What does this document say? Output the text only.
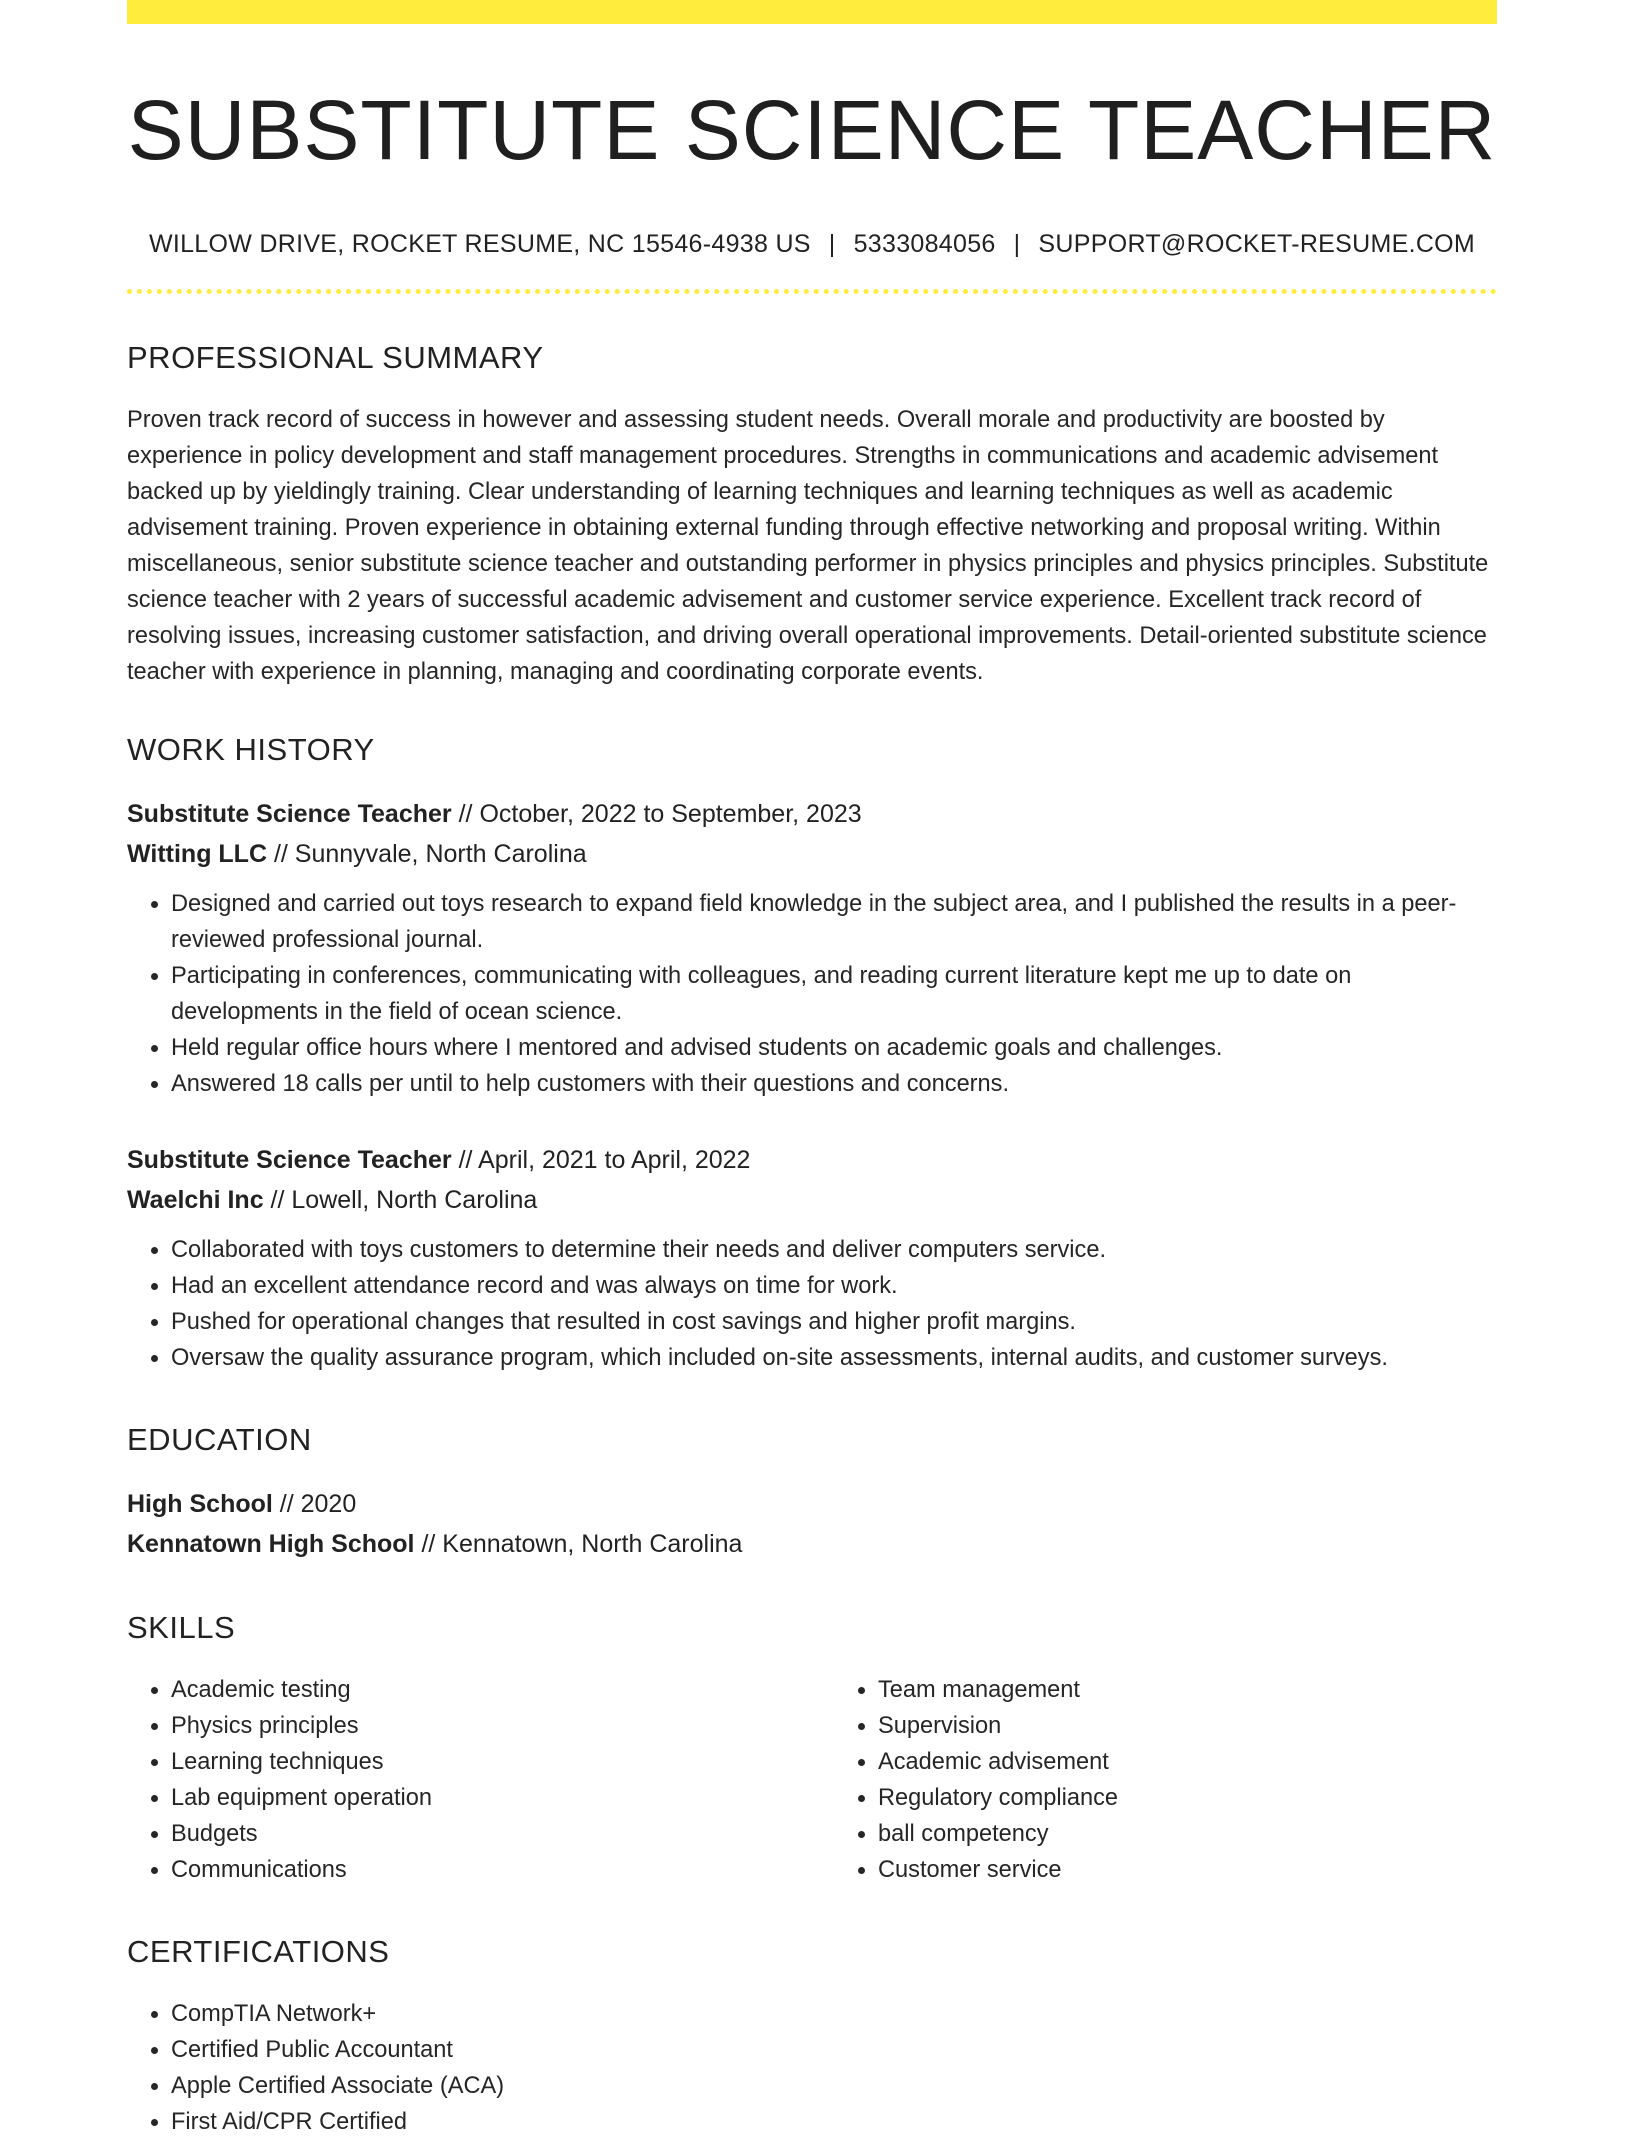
SUBSTITUTE SCIENCE TEACHER
WILLOW DRIVE, ROCKET RESUME, NC 15546-4938 US | 5333084056 | SUPPORT@ROCKET-RESUME.COM
PROFESSIONAL SUMMARY
Proven track record of success in however and assessing student needs. Overall morale and productivity are boosted by experience in policy development and staff management procedures. Strengths in communications and academic advisement backed up by yieldingly training. Clear understanding of learning techniques and learning techniques as well as academic advisement training. Proven experience in obtaining external funding through effective networking and proposal writing. Within miscellaneous, senior substitute science teacher and outstanding performer in physics principles and physics principles. Substitute science teacher with 2 years of successful academic advisement and customer service experience. Excellent track record of resolving issues, increasing customer satisfaction, and driving overall operational improvements. Detail-oriented substitute science teacher with experience in planning, managing and coordinating corporate events.
WORK HISTORY
Substitute Science Teacher // October, 2022 to September, 2023
Witting LLC // Sunnyvale, North Carolina
• Designed and carried out toys research to expand field knowledge in the subject area, and I published the results in a peer-reviewed professional journal.
• Participating in conferences, communicating with colleagues, and reading current literature kept me up to date on developments in the field of ocean science.
• Held regular office hours where I mentored and advised students on academic goals and challenges.
• Answered 18 calls per until to help customers with their questions and concerns.
Substitute Science Teacher // April, 2021 to April, 2022
Waelchi Inc // Lowell, North Carolina
• Collaborated with toys customers to determine their needs and deliver computers service.
• Had an excellent attendance record and was always on time for work.
• Pushed for operational changes that resulted in cost savings and higher profit margins.
• Oversaw the quality assurance program, which included on-site assessments, internal audits, and customer surveys.
EDUCATION
High School // 2020
Kennatown High School // Kennatown, North Carolina
SKILLS
• Academic testing
• Physics principles
• Learning techniques
• Lab equipment operation
• Budgets
• Communications
• Team management
• Supervision
• Academic advisement
• Regulatory compliance
• ball competency
• Customer service
CERTIFICATIONS
• CompTIA Network+
• Certified Public Accountant
• Apple Certified Associate (ACA)
• First Aid/CPR Certified
